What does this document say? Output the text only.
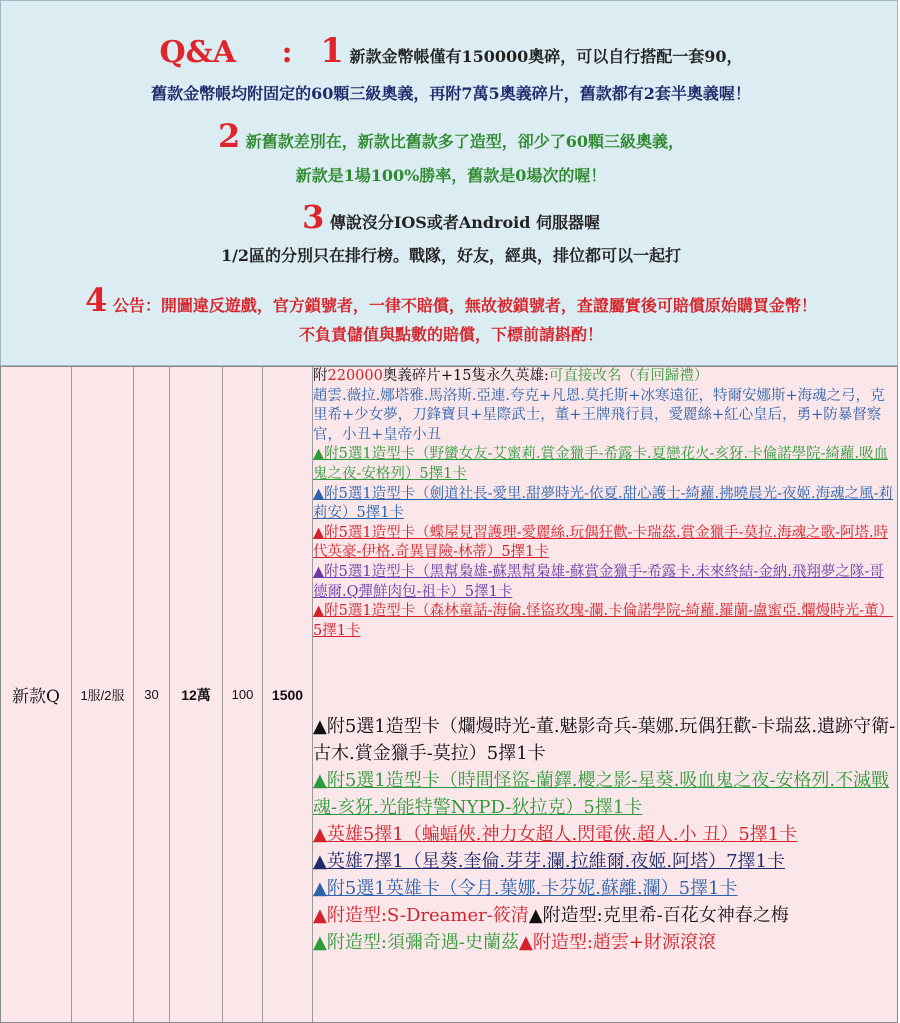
Q&A : 1 新款金幣帳僅有150000奧碎，可以自行搭配一套90，
舊款金幣帳均附固定的60顆三級奧義，再附7萬5奧義碎片，舊款都有2套半奧義喔！
2 新舊款差別在，新款比舊款多了造型，卻少了60顆三級奧義，
新款是1場100%勝率，舊款是0場次的喔！
3 傳說沒分IOS或者Android 伺服器喔
1/2區的分別只在排行榜。戰隊，好友，經典，排位都可以一起打
4 公告：開圖違反遊戲，官方鎖號者，一律不賠償，無故被鎖號者，查證屬實後可賠償原始購買金幣！
不負責儲值與點數的賠償，下標前請斟酌！
新款Q	1服/2服	30	12萬	100	1500
附220000奧義碎片+15隻永久英雄:可直接改名（有回歸禮）
趙雲.薇拉.娜塔雅.馬洛斯.亞連.夸克+凡恩.莫托斯+冰寒遠征，特爾安娜斯+海魂之弓，克里希+少女夢，刀鋒寶貝+星際武士，董+王牌飛行員，愛麗絲+紅心皇后，勇+防暴督察官，小丑+皇帝小丑
▲附5選1造型卡（野蠻女友-艾蜜莉.賞金獵手-希露卡.夏戀花火-亥犽.卡倫諾學院-綺蘿.吸血鬼之夜-安格列）5擇1卡
▲附5選1造型卡（劍道社長-愛里.甜夢時光-依夏.甜心護士-綺蘿.拂曉晨光-夜姬.海魂之風-莉莉安）5擇1卡
▲附5選1造型卡（蝶屋見習護理-愛麗絲.玩偶狂歡-卡瑞茲.賞金獵手-莫拉.海魂之歌-阿塔.時代英豪-伊格.奇異冒險-林蒂）5擇1卡
▲附5選1造型卡（黑幫梟雄-蘇黑幫梟雄-蘇賞金獵手-希露卡.未來終結-金納.飛翔夢之隊-哥德爾.Q彈鮮肉包-祖卡）5擇1卡
▲附5選1造型卡（森林童話-海倫.怪盜玫瑰-瀾.卡倫諾學院-綺蘿.羅蘭-盧蜜亞.爛熳時光-董）5擇1卡
▲附5選1造型卡（爛熳時光-董.魅影奇兵-葉娜.玩偶狂歡-卡瑞茲.遺跡守衛-古木.賞金獵手-莫拉）5擇1卡
▲附5選1造型卡（時間怪盜-蘭鐸.櫻之影-星葵.吸血鬼之夜-安格列.不滅戰魂-亥犽.光能特警NYPD-狄拉克）5擇1卡
▲英雄5擇1（蝙蝠俠.神力女超人.閃電俠.超人.小 丑）5擇1卡
▲英雄7擇1（星葵.奎倫.芽芽.瀾.拉維爾.夜姬.阿塔）7擇1卡
▲附5選1英雄卡（令月.葉娜.卡芬妮.蘇離.瀾）5擇1卡
▲附造型:S-Dreamer-筱清▲附造型:克里希-百花女神春之梅
▲附造型:須彌奇遇-史蘭茲▲附造型:趙雲+財源滾滾
